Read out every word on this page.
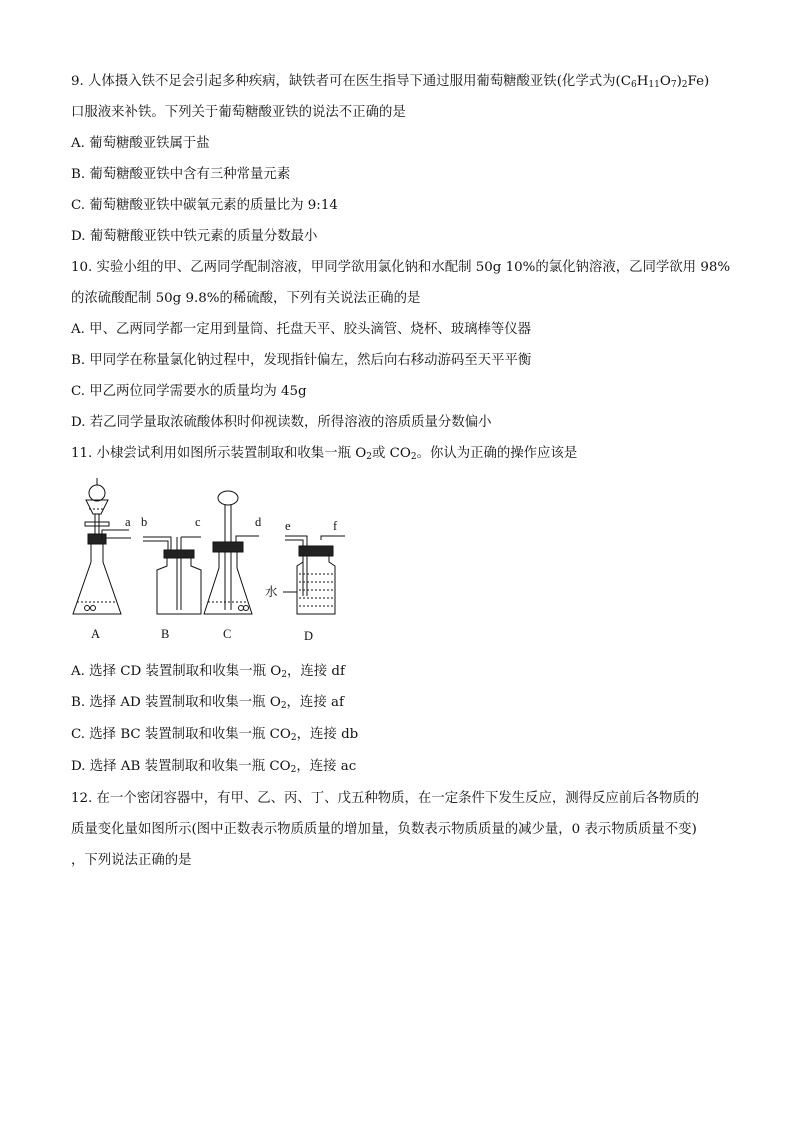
9. 人体摄入铁不足会引起多种疾病，缺铁者可在医生指导下通过服用葡萄糖酸亚铁(化学式为$(C_6H_{11}O_7)_2Fe$)
口服液来补铁。下列关于葡萄糖酸亚铁的说法不正确的是
A. 葡萄糖酸亚铁属于盐
B. 葡萄糖酸亚铁中含有三种常量元素
C. 葡萄糖酸亚铁中碳氧元素的质量比为 9:14
D. 葡萄糖酸亚铁中铁元素的质量分数最小
10. 实验小组的甲、乙两同学配制溶液，甲同学欲用氯化钠和水配制 50g 10%的氯化钠溶液，乙同学欲用 98%
的浓硫酸配制 50g 9.8%的稀硫酸，下列有关说法正确的是
A. 甲、乙两同学都一定用到量筒、托盘天平、胶头滴管、烧杯、玻璃棒等仪器
B. 甲同学在称量氯化钠过程中，发现指针偏左，然后向右移动游码至天平平衡
C. 甲乙两位同学需要水的质量均为 45g
D. 若乙同学量取浓硫酸体积时仰视读数，所得溶液的溶质质量分数偏小
11. 小棣尝试利用如图所示装置制取和收集一瓶 $O_2$或 $CO_2$。你认为正确的操作应该是
a b	c	d e	f
水
A	B	C	D
A. 选择 CD 装置制取和收集一瓶 $O_2$，连接 df
B. 选择 AD 装置制取和收集一瓶 $O_2$，连接 af
C. 选择 BC 装置制取和收集一瓶 $CO_2$，连接 db
D. 选择 AB 装置制取和收集一瓶 $CO_2$，连接 ac
12. 在一个密闭容器中，有甲、乙、丙、丁、戊五种物质，在一定条件下发生反应，测得反应前后各物质的
质量变化量如图所示(图中正数表示物质质量的增加量，负数表示物质质量的减少量，0 表示物质质量不变)
，下列说法正确的是
